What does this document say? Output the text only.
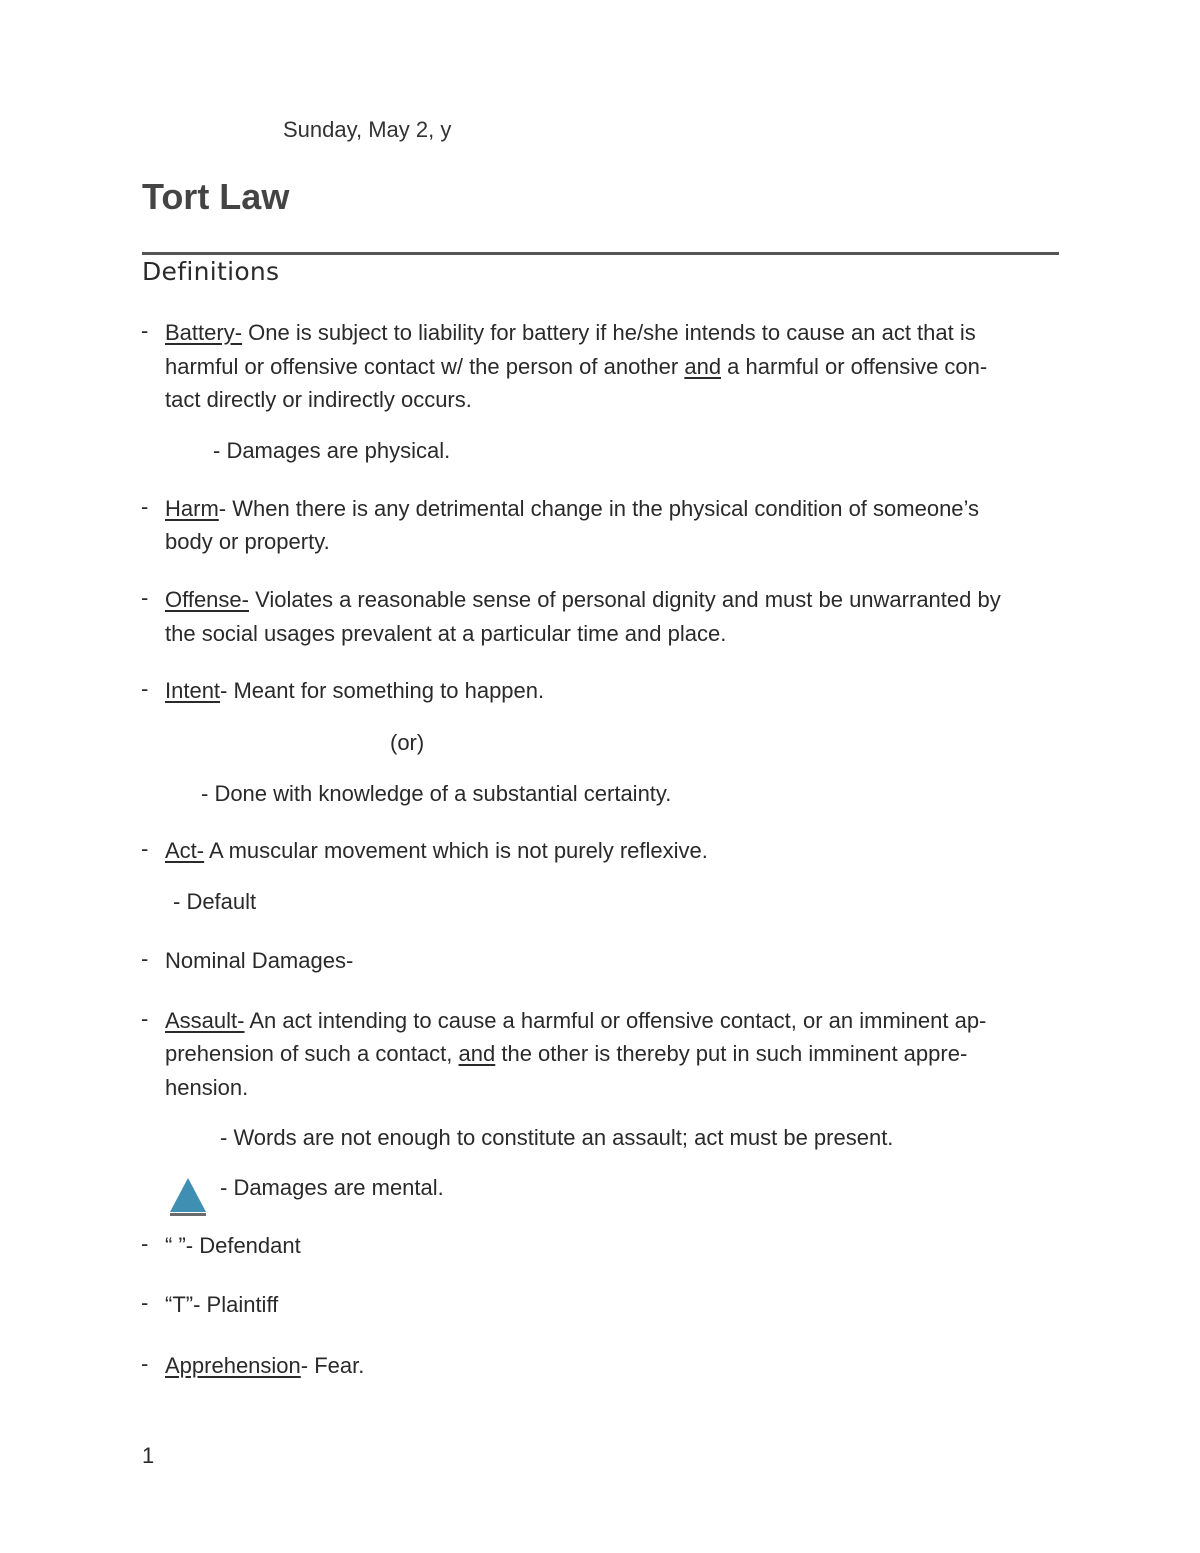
Sunday, May 2, y
Tort Law
Definitions
- Battery- One is subject to liability for battery if he/she intends to cause an act that is
harmful or offensive contact w/ the person of another and a harmful or offensive con-
tact directly or indirectly occurs.
- Damages are physical.
- Harm- When there is any detrimental change in the physical condition of someone’s
body or property.
- Offense- Violates a reasonable sense of personal dignity and must be unwarranted by
the social usages prevalent at a particular time and place.
- Intent- Meant for something to happen.
(or)
- Done with knowledge of a substantial certainty.
- Act- A muscular movement which is not purely reflexive.
- Default
- Nominal Damages-
- Assault- An act intending to cause a harmful or offensive contact, or an imminent ap-
prehension of such a contact, and the other is thereby put in such imminent appre-
hension.
- Words are not enough to constitute an assault; act must be present.
- Damages are mental.
- “ ”- Defendant
- “T”- Plaintiff
- Apprehension- Fear.
1
